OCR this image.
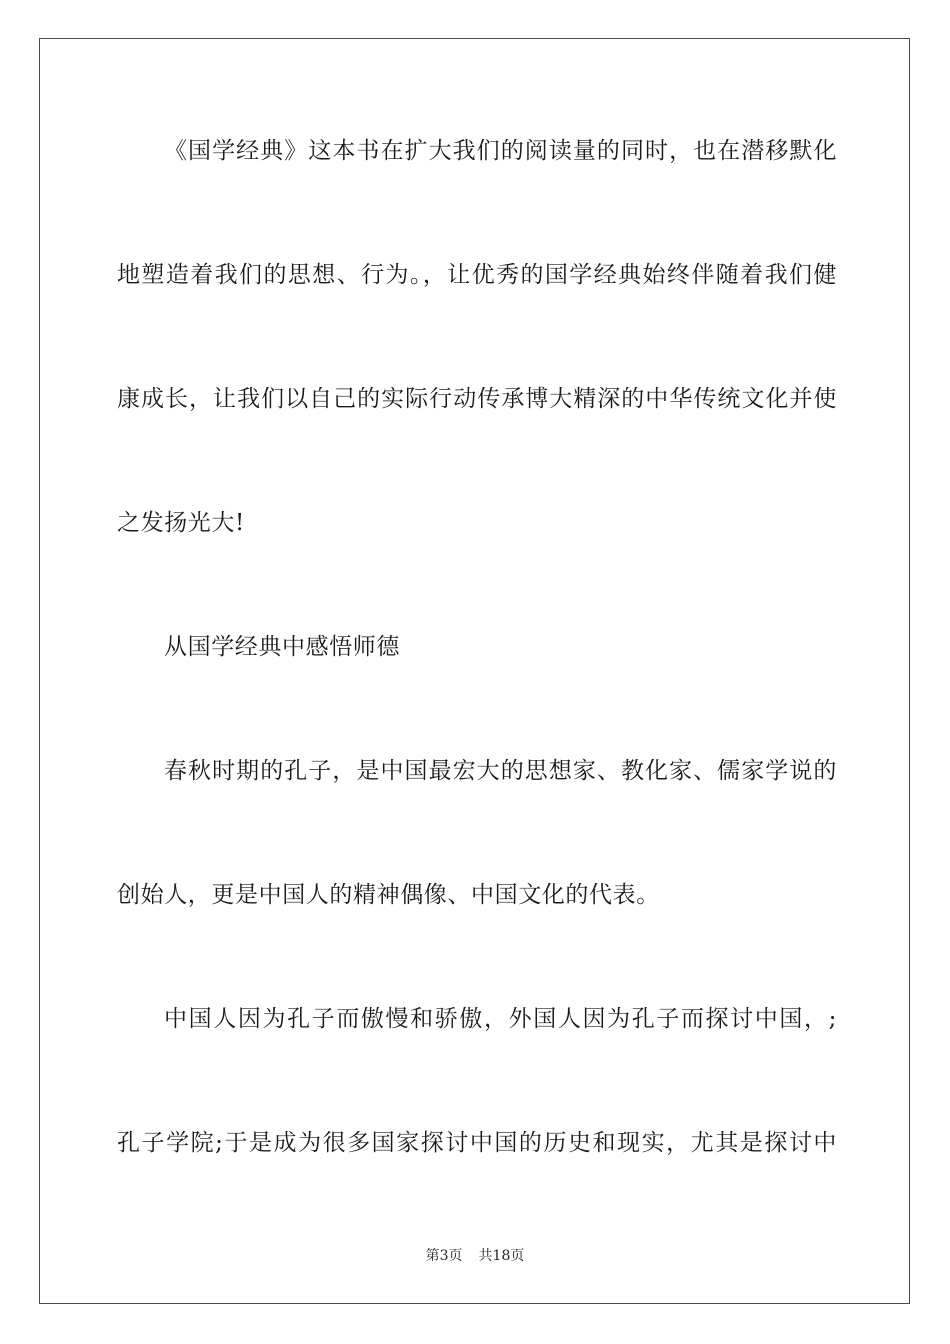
《国学经典》这本书在扩大我们的阅读量的同时，也在潜移默化
地塑造着我们的思想、行为。，让优秀的国学经典始终伴随着我们健
康成长，让我们以自己的实际行动传承博大精深的中华传统文化并使
之发扬光大!
从国学经典中感悟师德
春秋时期的孔子，是中国最宏大的思想家、教化家、儒家学说的
创始人，更是中国人的精神偶像、中国文化的代表。
中国人因为孔子而傲慢和骄傲，外国人因为孔子而探讨中国，;
孔子学院;于是成为很多国家探讨中国的历史和现实，尤其是探讨中
第3页 共18页
